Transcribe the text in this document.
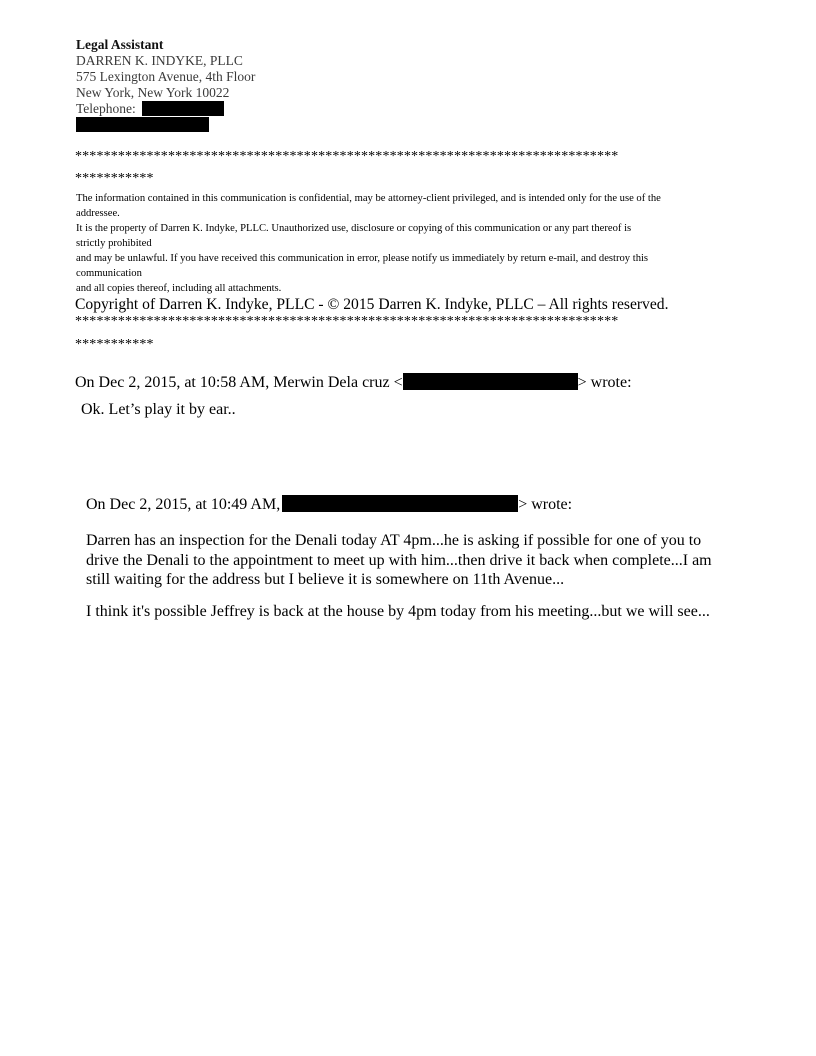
Legal Assistant
DARREN K. INDYKE, PLLC
575 Lexington Avenue, 4th Floor
New York, New York 10022
Telephone:
****************************************************************************
***********
The information contained in this communication is confidential, may be attorney-client privileged, and is intended only for the use of the
addressee.
It is the property of Darren K. Indyke, PLLC. Unauthorized use, disclosure or copying of this communication or any part thereof is
strictly prohibited
and may be unlawful. If you have received this communication in error, please notify us immediately by return e-mail, and destroy this
communication
and all copies thereof, including all attachments.
Copyright of Darren K. Indyke, PLLC - © 2015 Darren K. Indyke, PLLC – All rights reserved.
****************************************************************************
***********
On Dec 2, 2015, at 10:58 AM, Merwin Dela cruz <	> wrote:
Ok. Let’s play it by ear..
On Dec 2, 2015, at 10:49 AM,	> wrote:
Darren has an inspection for the Denali today AT 4pm...he is asking if possible for one of you to
drive the Denali to the appointment to meet up with him...then drive it back when complete...I am
still waiting for the address but I believe it is somewhere on 11th Avenue...
I think it's possible Jeffrey is back at the house by 4pm today from his meeting...but we will see...
